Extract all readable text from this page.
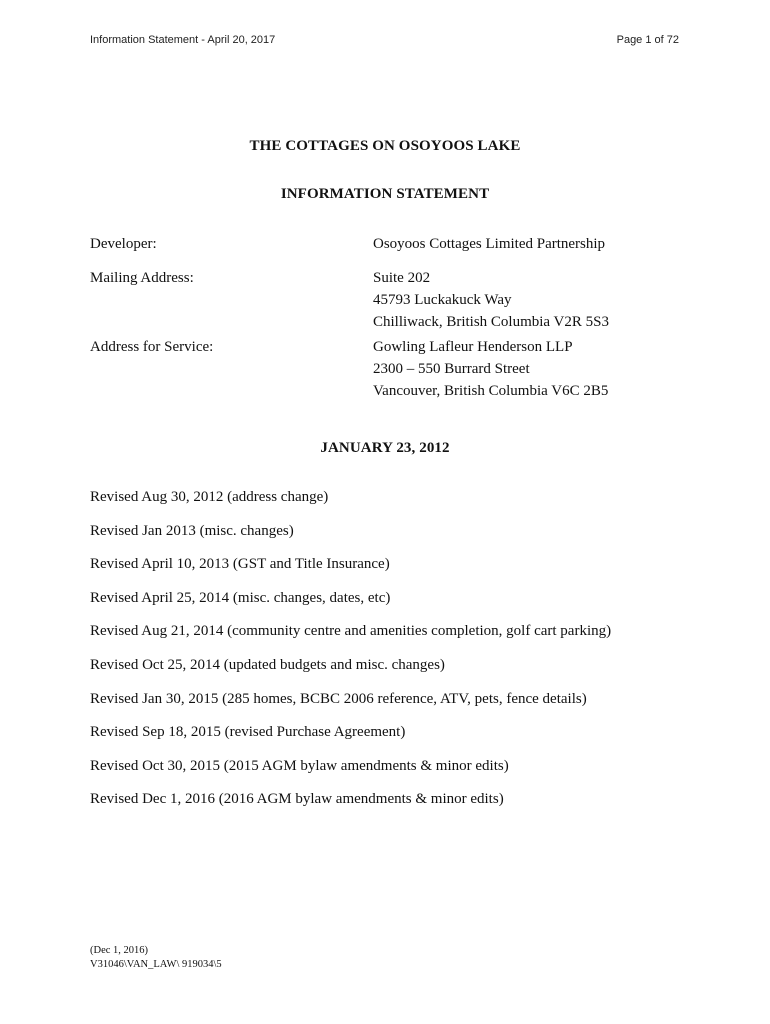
Information Statement - April 20, 2017	Page 1 of 72
THE COTTAGES ON OSOYOOS LAKE
INFORMATION STATEMENT
Developer:	Osoyoos Cottages Limited Partnership
Mailing Address:	Suite 202
45793 Luckakuck Way
Chilliwack, British Columbia V2R 5S3
Address for Service:	Gowling Lafleur Henderson LLP
2300 – 550 Burrard Street
Vancouver, British Columbia V6C 2B5
JANUARY 23, 2012
Revised Aug 30, 2012 (address change)
Revised Jan 2013 (misc. changes)
Revised April 10, 2013 (GST and Title Insurance)
Revised April 25, 2014 (misc. changes, dates, etc)
Revised Aug 21, 2014 (community centre and amenities completion, golf cart parking)
Revised Oct 25, 2014 (updated budgets and misc. changes)
Revised Jan 30, 2015 (285 homes, BCBC 2006 reference, ATV, pets, fence details)
Revised Sep 18, 2015 (revised Purchase Agreement)
Revised Oct 30, 2015 (2015 AGM bylaw amendments & minor edits)
Revised Dec 1, 2016 (2016 AGM bylaw amendments & minor edits)
(Dec 1, 2016)
V31046\VAN_LAW\ 919034\5
